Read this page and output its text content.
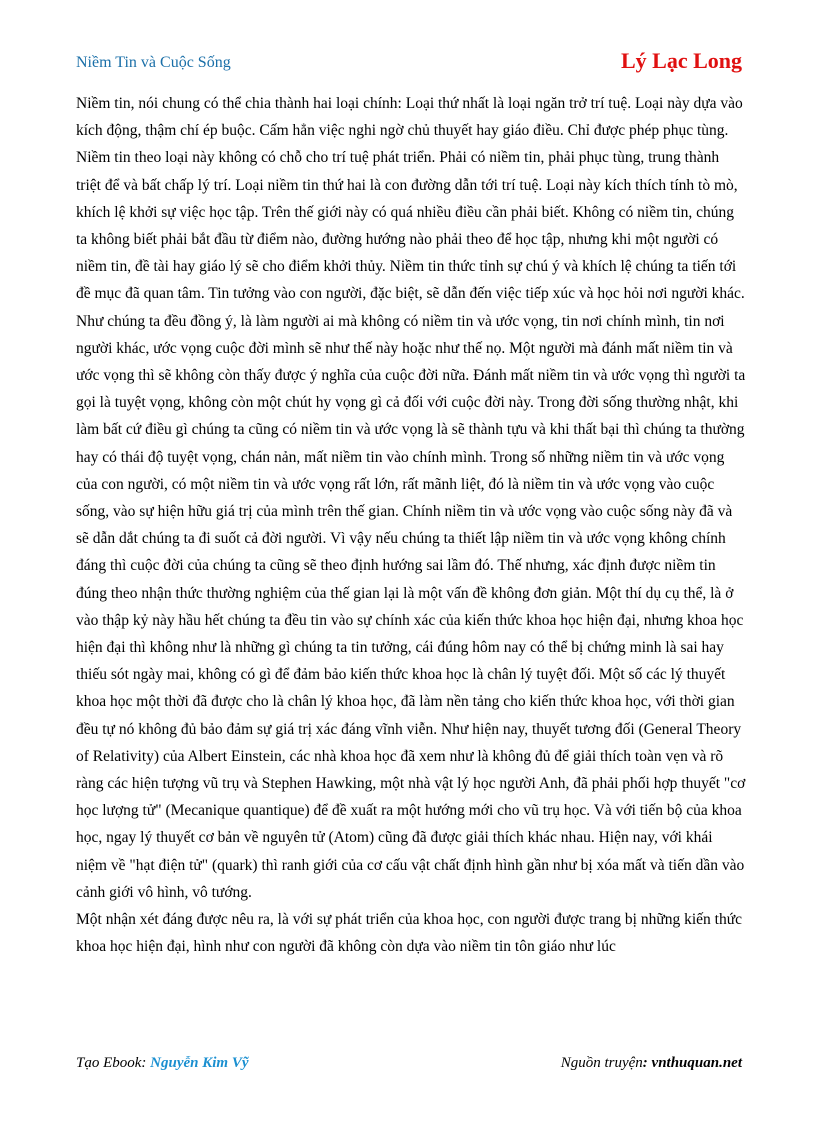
Niềm Tin và Cuộc Sống	Lý Lạc Long

Niềm tin, nói chung có thể chia thành hai loại chính: Loại thứ nhất là loại ngăn trở trí tuệ. Loại này dựa vào kích động, thậm chí ép buộc. Cấm hẳn việc nghi ngờ chủ thuyết hay giáo điều. Chỉ được phép phục tùng. Niềm tin theo loại này không có chỗ cho trí tuệ phát triển. Phải có niềm tin, phải phục tùng, trung thành triệt để và bất chấp lý trí. Loại niềm tin thứ hai là con đường dẫn tới trí tuệ. Loại này kích thích tính tò mò, khích lệ khởi sự việc học tập. Trên thế giới này có quá nhiều điều cần phải biết. Không có niềm tin, chúng ta không biết phải bắt đầu từ điểm nào, đường hướng nào phải theo để học tập, nhưng khi một người có niềm tin, đề tài hay giáo lý sẽ cho điểm khởi thủy. Niềm tin thức tỉnh sự chú ý và khích lệ chúng ta tiến tới đề mục đã quan tâm. Tin tưởng vào con người, đặc biệt, sẽ dẫn đến việc tiếp xúc và học hỏi nơi người khác.

Như chúng ta đều đồng ý, là làm người ai mà không có niềm tin và ước vọng, tin nơi chính mình, tin nơi người khác, ước vọng cuộc đời mình sẽ như thế này hoặc như thế nọ. Một người mà đánh mất niềm tin và ước vọng thì sẽ không còn thấy được ý nghĩa của cuộc đời nữa. Đánh mất niềm tin và ước vọng thì người ta gọi là tuyệt vọng, không còn một chút hy vọng gì cả đối với cuộc đời này. Trong đời sống thường nhật, khi làm bất cứ điều gì chúng ta cũng có niềm tin và ước vọng là sẽ thành tựu và khi thất bại thì chúng ta thường hay có thái độ tuyệt vọng, chán nản, mất niềm tin vào chính mình. Trong số những niềm tin và ước vọng của con người, có một niềm tin và ước vọng rất lớn, rất mãnh liệt, đó là niềm tin và ước vọng vào cuộc sống, vào sự hiện hữu giá trị của mình trên thế gian. Chính niềm tin và ước vọng vào cuộc sống này đã và sẽ dẫn dắt chúng ta đi suốt cả đời người. Vì vậy nếu chúng ta thiết lập niềm tin và ước vọng không chính đáng thì cuộc đời của chúng ta cũng sẽ theo định hướng sai lầm đó. Thế nhưng, xác định được niềm tin đúng theo nhận thức thường nghiệm của thế gian lại là một vấn đề không đơn giản. Một thí dụ cụ thể, là ở vào thập kỷ này hầu hết chúng ta đều tin vào sự chính xác của kiến thức khoa học hiện đại, nhưng khoa học hiện đại thì không như là những gì chúng ta tin tưởng, cái đúng hôm nay có thể bị chứng minh là sai hay thiếu sót ngày mai, không có gì để đảm bảo kiến thức khoa học là chân lý tuyệt đối. Một số các lý thuyết khoa học một thời đã được cho là chân lý khoa học, đã làm nền tảng cho kiến thức khoa học, với thời gian đều tự nó không đủ bảo đảm sự giá trị xác đáng vĩnh viễn. Như hiện nay, thuyết tương đối (General Theory of Relativity) của Albert Einstein, các nhà khoa học đã xem như là không đủ để giải thích toàn vẹn và rõ ràng các hiện tượng vũ trụ và Stephen Hawking, một nhà vật lý học người Anh, đã phải phối hợp thuyết "cơ học lượng tử" (Mecanique quantique) để đề xuất ra một hướng mới cho vũ trụ học. Và với tiến bộ của khoa học, ngay lý thuyết cơ bản về nguyên tử (Atom) cũng đã được giải thích khác nhau. Hiện nay, với khái niệm về "hạt điện tử" (quark) thì ranh giới của cơ cấu vật chất định hình gần như bị xóa mất và tiến dần vào cảnh giới vô hình, vô tướng.

Một nhận xét đáng được nêu ra, là với sự phát triển của khoa học, con người được trang bị những kiến thức khoa học hiện đại, hình như con người đã không còn dựa vào niềm tin tôn giáo như lúc

Tạo Ebook: Nguyễn Kim Vỹ	Nguồn truyện: vnthuquan.net
